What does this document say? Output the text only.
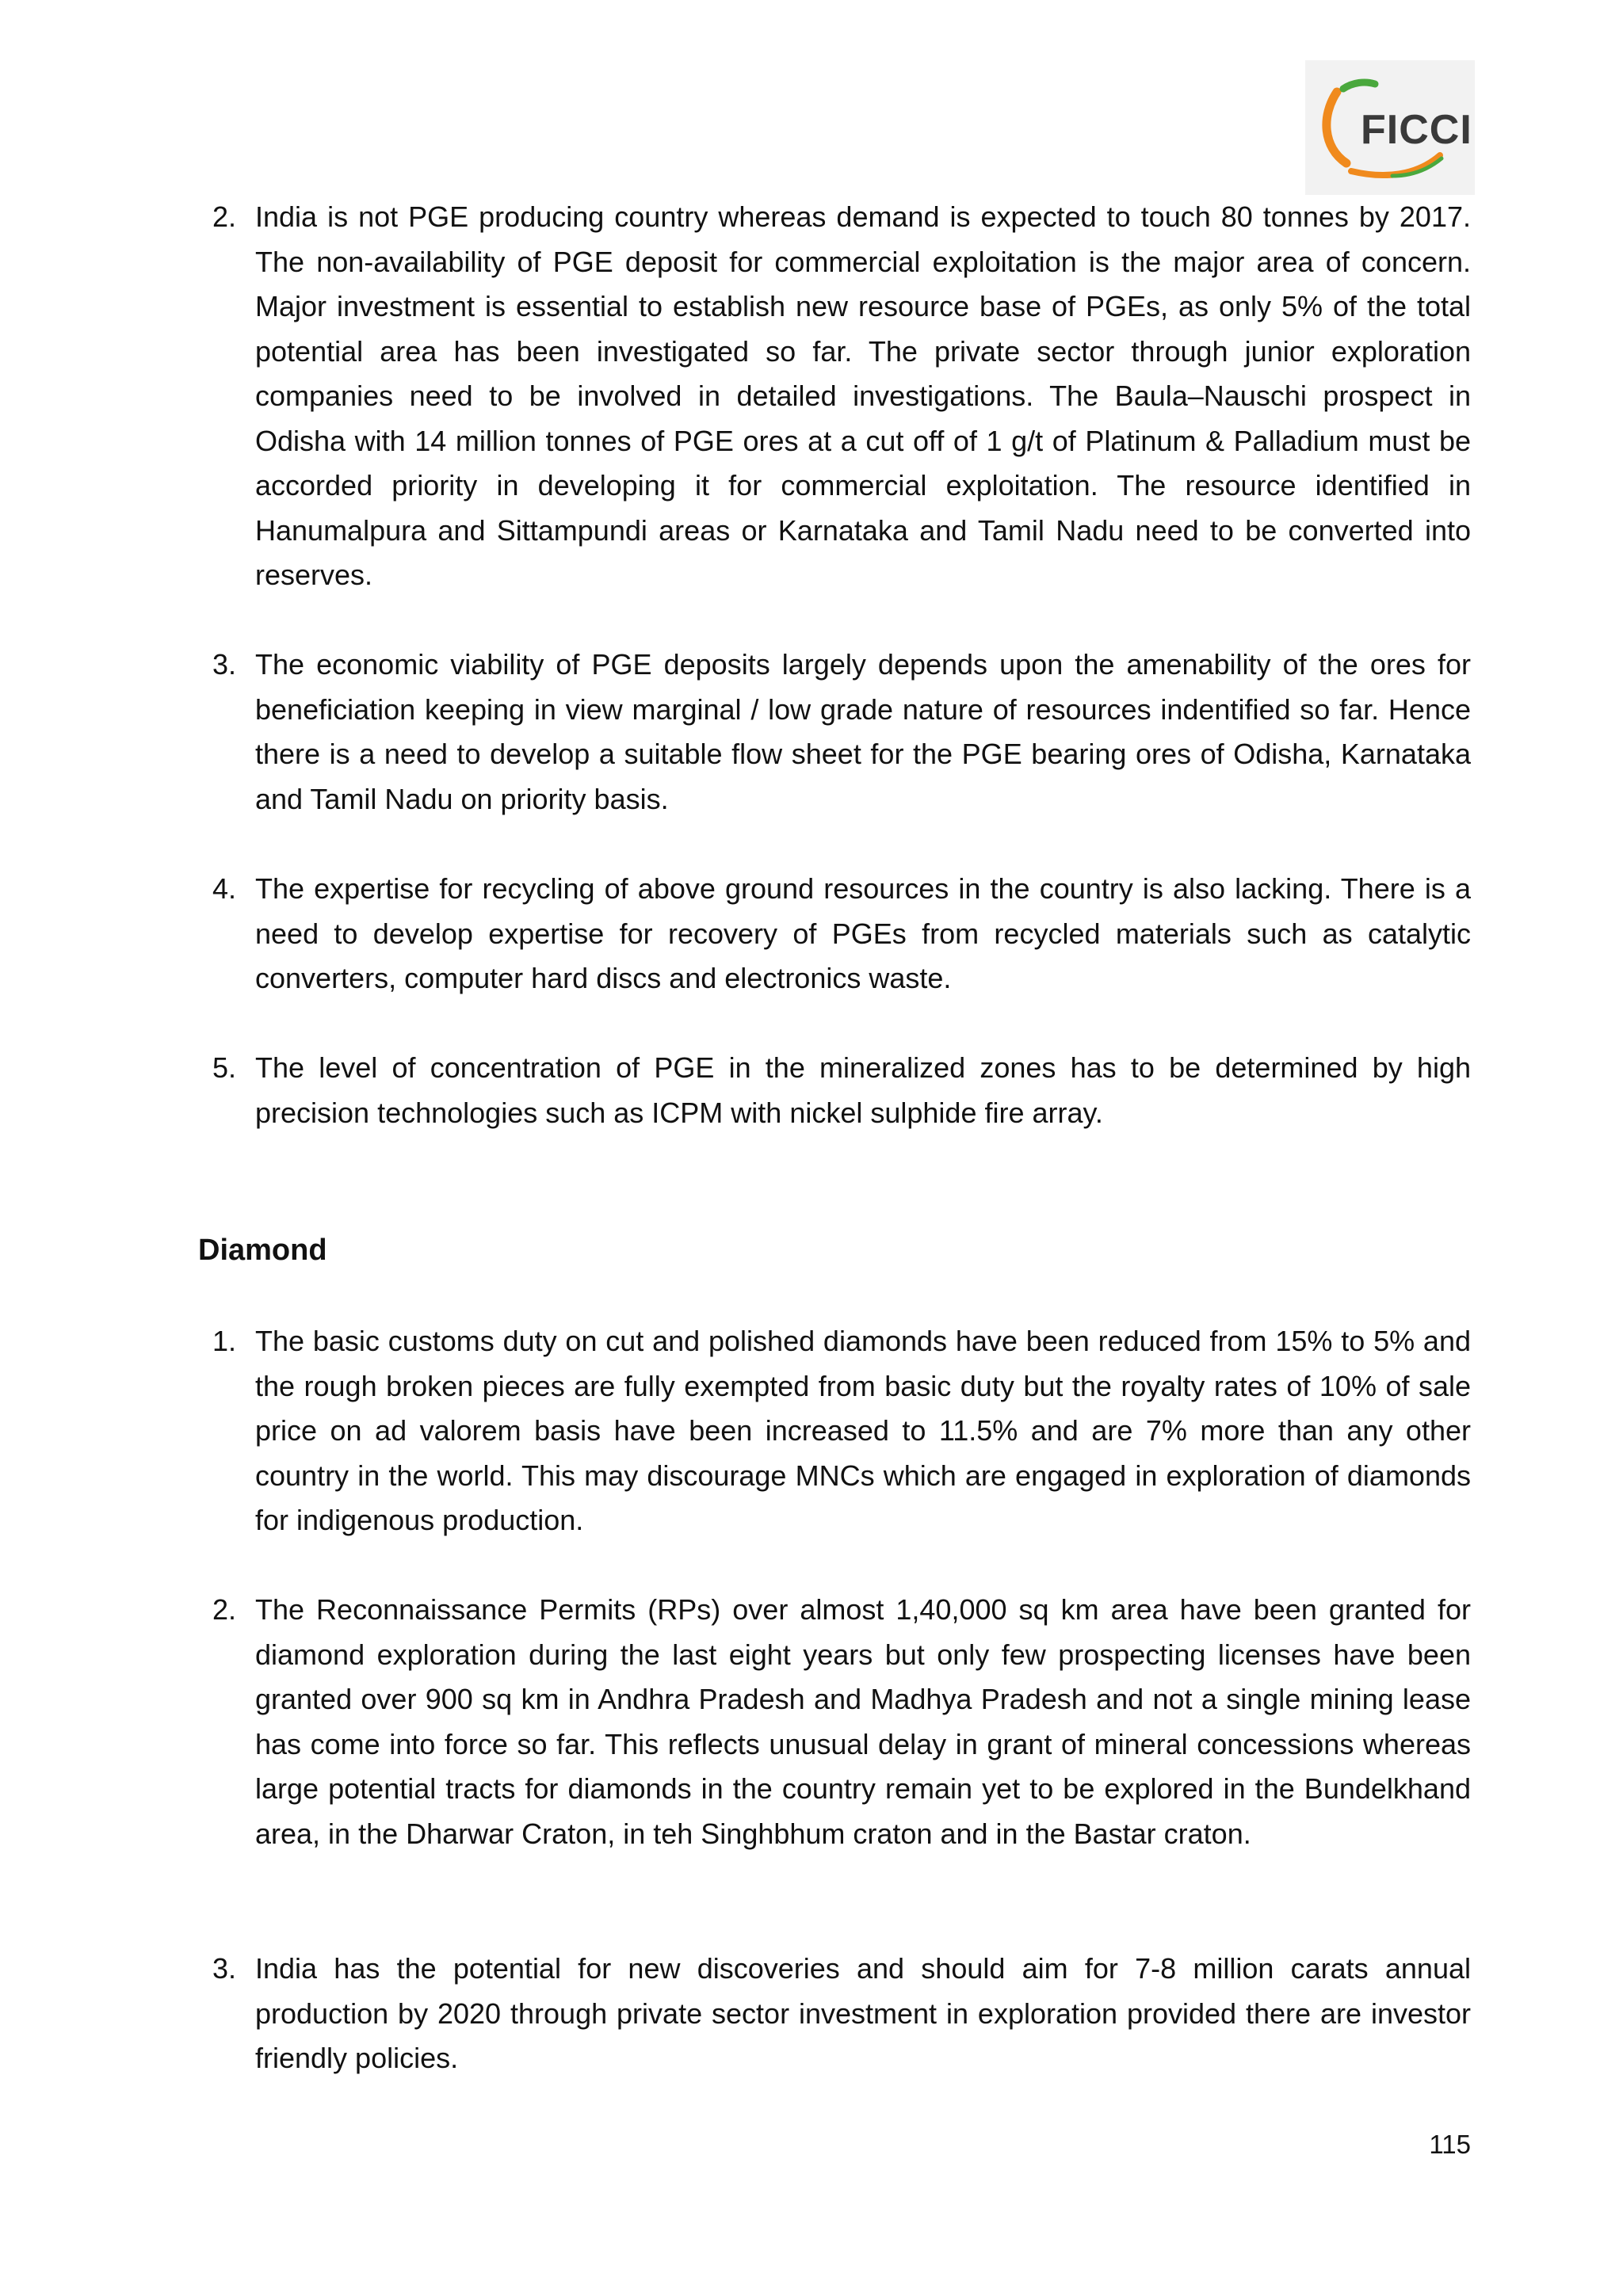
FICCI
2. India is not PGE producing country whereas demand is expected to touch 80 tonnes by 2017. The non-availability of PGE deposit for commercial exploitation is the major area of concern. Major investment is essential to establish new resource base of PGEs, as only 5% of the total potential area has been investigated so far. The private sector through junior exploration companies need to be involved in detailed investigations. The Baula–Nauschi prospect in Odisha with 14 million tonnes of PGE ores at a cut off of 1 g/t of Platinum & Palladium must be accorded priority in developing it for commercial exploitation. The resource identified in Hanumalpura and Sittampundi areas or Karnataka and Tamil Nadu need to be converted into reserves.
3. The economic viability of PGE deposits largely depends upon the amenability of the ores for beneficiation keeping in view marginal / low grade nature of resources indentified so far. Hence there is a need to develop a suitable flow sheet for the PGE bearing ores of Odisha, Karnataka and Tamil Nadu on priority basis.
4. The expertise for recycling of above ground resources in the country is also lacking. There is a need to develop expertise for recovery of PGEs from recycled materials such as catalytic converters, computer hard discs and electronics waste.
5. The level of concentration of PGE in the mineralized zones has to be determined by high precision technologies such as ICPM with nickel sulphide fire array.
Diamond
1. The basic customs duty on cut and polished diamonds have been reduced from 15% to 5% and the rough broken pieces are fully exempted from basic duty but the royalty rates of 10% of sale price on ad valorem basis have been increased to 11.5% and are 7% more than any other country in the world. This may discourage MNCs which are engaged in exploration of diamonds for indigenous production.
2. The Reconnaissance Permits (RPs) over almost 1,40,000 sq km area have been granted for diamond exploration during the last eight years but only few prospecting licenses have been granted over 900 sq km in Andhra Pradesh and Madhya Pradesh and not a single mining lease has come into force so far. This reflects unusual delay in grant of mineral concessions whereas large potential tracts for diamonds in the country remain yet to be explored in the Bundelkhand area, in the Dharwar Craton, in teh Singhbhum craton and in the Bastar craton.
3. India has the potential for new discoveries and should aim for 7-8 million carats annual production by 2020 through private sector investment in exploration provided there are investor friendly policies.
115
